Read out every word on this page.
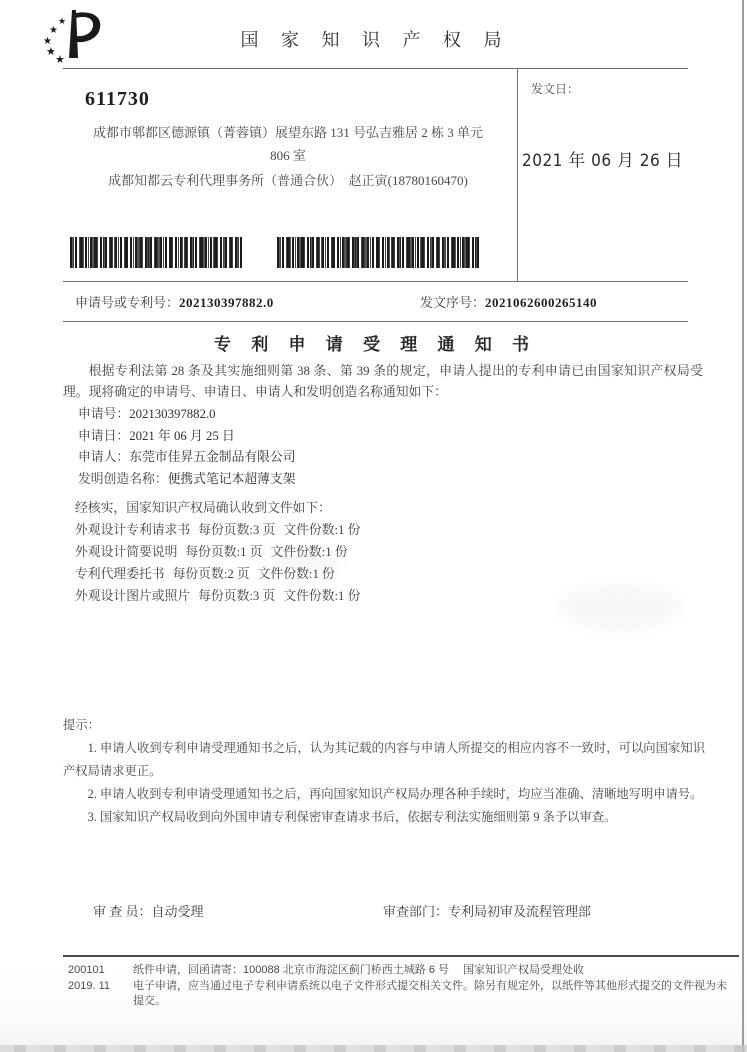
★
★
★
★
★
国 家 知 识 产 权 局
611730
成都市郫都区德源镇（菁蓉镇）展望东路 131 号弘吉雅居 2 栋 3 单元
806 室
成都知都云专利代理事务所（普通合伙）　赵正寅(18780160470)
发文日：
2021 年 06 月 26 日
申请号或专利号：202130397882.0	发文序号：2021062600265140
专 利 申 请 受 理 通 知 书
根据专利法第 28 条及其实施细则第 38 条、第 39 条的规定，申请人提出的专利申请已由国家知识产权局受理。现将确定的申请号、申请日、申请人和发明创造名称通知如下：
申请号：202130397882.0
申请日：2021 年 06 月 25 日
申请人：东莞市佳昇五金制品有限公司
发明创造名称：便携式笔记本超薄支架
经核实，国家知识产权局确认收到文件如下：
外观设计专利请求书 每份页数:3 页 文件份数:1 份
外观设计简要说明 每份页数:1 页 文件份数:1 份
专利代理委托书 每份页数:2 页 文件份数:1 份
外观设计图片或照片 每份页数:3 页 文件份数:1 份

提示：

1. 申请人收到专利申请受理通知书之后，认为其记载的内容与申请人所提交的相应内容不一致时，可以向国家知识产权局请求更正。

2. 申请人收到专利申请受理通知书之后，再向国家知识产权局办理各种手续时，均应当准确、清晰地写明申请号。

3. 国家知识产权局收到向外国申请专利保密审查请求书后，依据专利法实施细则第 9 条予以审查。

审 查 员：自动受理	审查部门：专利局初审及流程管理部
200101
2019. 11
纸件申请，回函请寄：100088 北京市海淀区蓟门桥西土城路 6 号　 国家知识产权局受理处收
电子申请，应当通过电子专利申请系统以电子文件形式提交相关文件。除另有规定外，以纸件等其他形式提交的文件视为未提交。
